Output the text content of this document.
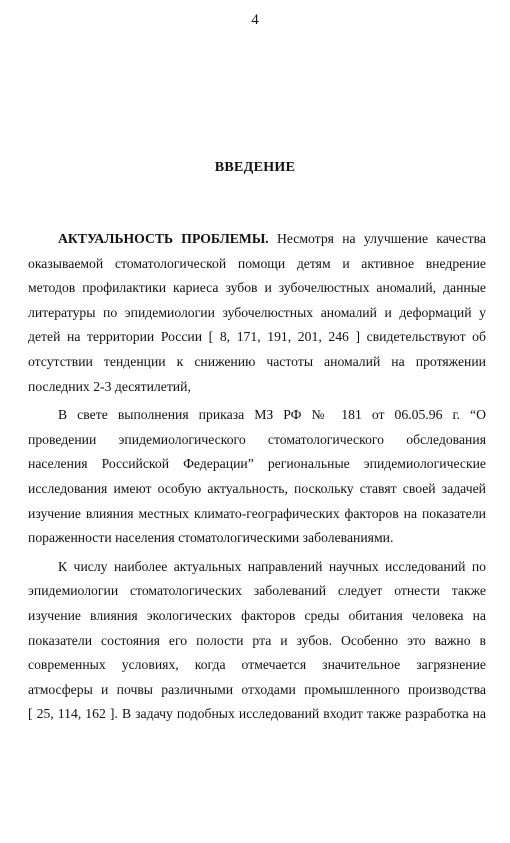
4
ВВЕДЕНИЕ
АКТУАЛЬНОСТЬ ПРОБЛЕМЫ. Несмотря на улучшение качества
оказываемой стоматологической помощи детям и активное внедрение
методов профилактики кариеса зубов и зубочелюстных аномалий, данные
литературы по эпидемиологии зубочелюстных аномалий и деформаций у
детей на территории России [ 8, 171, 191, 201, 246 ] свидетельствуют об
отсутствии тенденции к снижению частоты аномалий на протяжении
последних 2-3 десятилетий,
В свете выполнения приказа МЗ РФ № 181 от 06.05.96 г. “О
проведении эпидемиологического стоматологического обследования
населения Российской Федерации” региональные эпидемиологические
исследования имеют особую актуальность, поскольку ставят своей задачей
изучение влияния местных климато-географических факторов на показатели
пораженности населения стоматологическими заболеваниями.
К числу наиболее актуальных направлений научных исследований по
эпидемиологии стоматологических заболеваний следует отнести также
изучение влияния экологических факторов среды обитания человека на
показатели состояния его полости рта и зубов. Особенно это важно в
современных условиях, когда отмечается значительное загрязнение
атмосферы и почвы различными отходами промышленного производства
[ 25, 114, 162 ]. В задачу подобных исследований входит также разработка на
